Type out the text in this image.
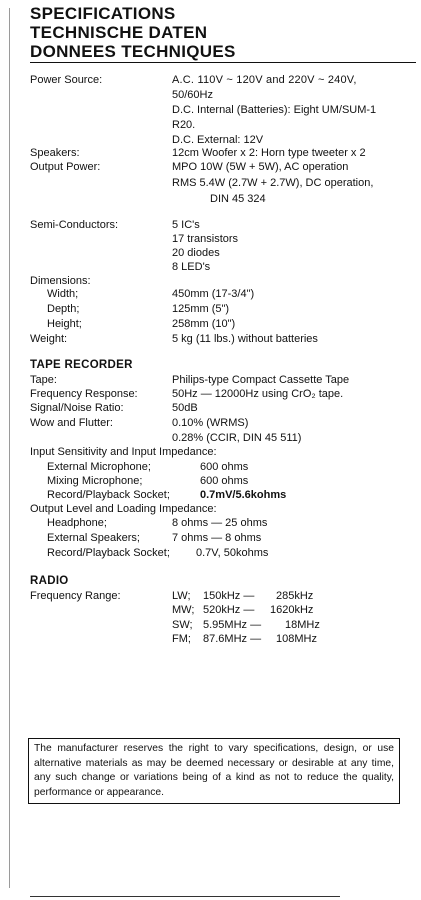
SPECIFICATIONS
TECHNISCHE DATEN
DONNEES TECHNIQUES
Power Source:	A.C. 110V ~ 120V and 220V ~ 240V,
50/60Hz
D.C. Internal (Batteries): Eight UM/SUM-1
R20.
D.C. External: 12V
Speakers:	12cm Woofer x 2: Horn type tweeter x 2
Output Power:	MPO 10W (5W + 5W), AC operation
RMS 5.4W (2.7W + 2.7W), DC operation,
DIN 45 324
Semi-Conductors:	5 IC's
17 transistors
20 diodes
8 LED's
Dimensions:
Width;	450mm (17-3/4")
Depth;	125mm (5")
Height;	258mm (10")
Weight:	5 kg (11 lbs.) without batteries
TAPE RECORDER
Tape:	Philips-type Compact Cassette Tape
Frequency Response:	50Hz — 12000Hz using CrO₂ tape.
Signal/Noise Ratio:	50dB
Wow and Flutter:	0.10% (WRMS)
0.28% (CCIR, DIN 45 511)
Input Sensitivity and Input Impedance:
External Microphone;	600 ohms
Mixing Microphone;	600 ohms
Record/Playback Socket;	0.7mV/5.6kohms
Output Level and Loading Impedance:
Headphone;	8 ohms — 25 ohms
External Speakers;	7 ohms — 8 ohms
Record/Playback Socket; 0.7V, 50kohms
RADIO
Frequency Range:	LW; 150kHz — 285kHz
MW; 520kHz — 1620kHz
SW; 5.95MHz — 18MHz
FM; 87.6MHz — 108MHz
The manufacturer reserves the right to vary specifications, design, or use alternative materials as may be deemed necessary or desirable at any time, any such change or variations being of a kind as not to reduce the quality, performance or appearance.
